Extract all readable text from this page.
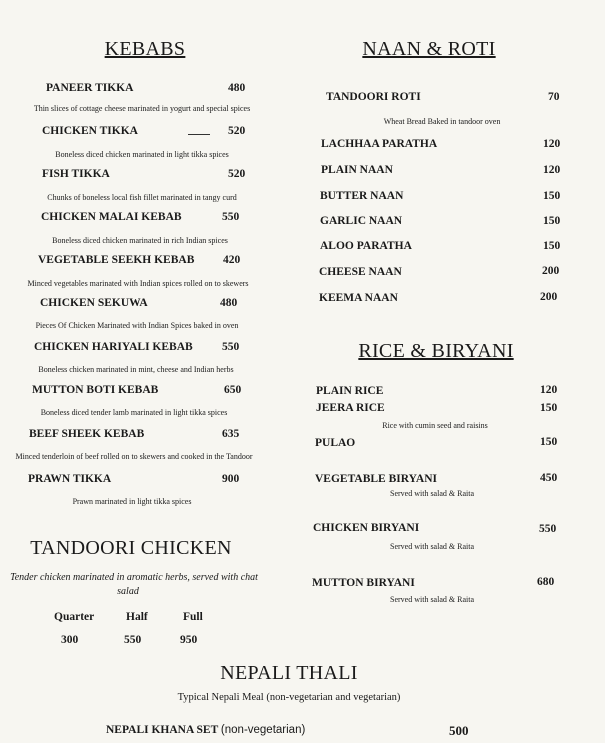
KEBABS
PANEER TIKKA	480
Thin slices of cottage cheese marinated in yogurt and special spices
CHICKEN TIKKA	520
Boneless diced chicken marinated in light tikka spices
FISH TIKKA	520
Chunks of boneless local fish fillet marinated in tangy curd
CHICKEN MALAI KEBAB	550
Boneless diced chicken marinated in rich Indian spices
VEGETABLE SEEKH KEBAB 420
Minced vegetables marinated with Indian spices rolled on to skewers
CHICKEN SEKUWA	480
Pieces Of Chicken Marinated with Indian Spices baked in oven
CHICKEN HARIYALI KEBAB	550
Boneless chicken marinated in mint, cheese and Indian herbs
MUTTON BOTI KEBAB	650
Boneless diced tender lamb marinated in light tikka spices
BEEF SHEEK KEBAB	635
Minced tenderloin of beef rolled on to skewers and cooked in the Tandoor
PRAWN TIKKA	900
Prawn marinated in light tikka spices
TANDOORI CHICKEN
Tender chicken marinated in aromatic herbs, served with chat
salad
Quarter	Half	Full
300	550	950
NAAN & ROTI
TANDOORI ROTI	70
Wheat Bread Baked in tandoor oven
LACHHAA PARATHA	120
PLAIN NAAN	120
BUTTER NAAN	150
GARLIC NAAN	150
ALOO PARATHA	150
CHEESE NAAN	200
KEEMA NAAN	200
RICE & BIRYANI
PLAIN RICE	120
JEERA RICE	150
Rice with cumin seed and raisins
PULAO	150
VEGETABLE BIRYANI	450
Served with salad & Raita
CHICKEN BIRYANI	550
Served with salad & Raita
MUTTON BIRYANI	680
Served with salad & Raita
NEPALI THALI
Typical Nepali Meal (non-vegetarian and vegetarian)
NEPALI KHANA SET (non-vegetarian)	500
